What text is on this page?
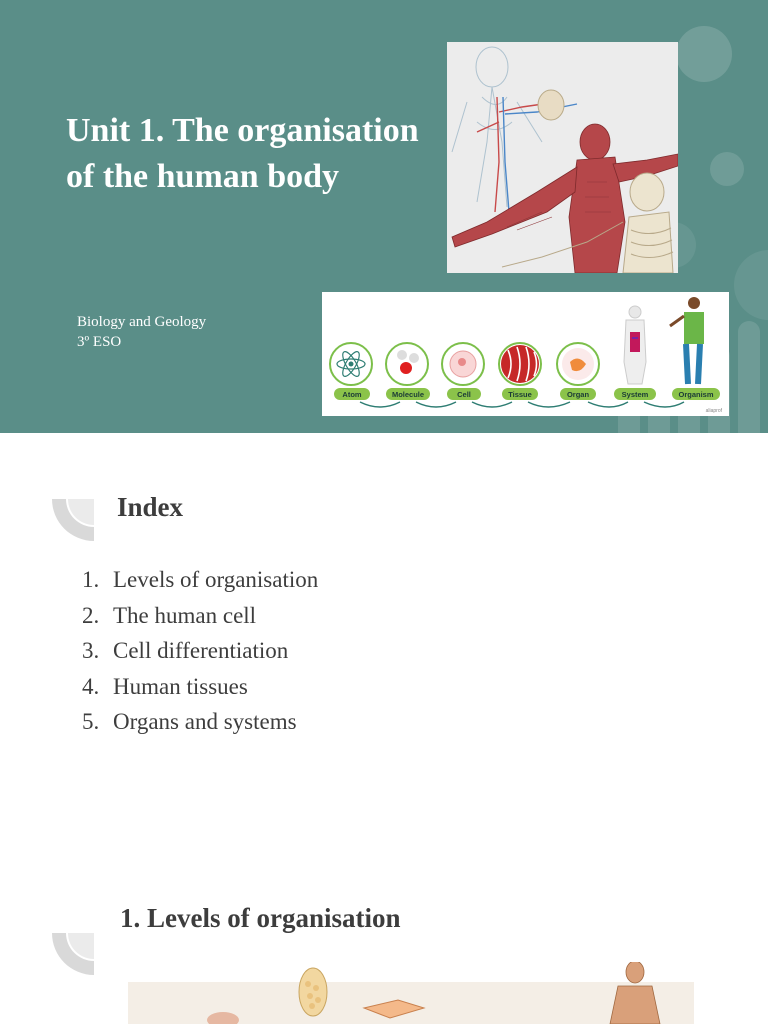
Unit 1. The organisation of the human body
Biology and Geology
3º ESO
Atom	Molecule	Cell	Tissue	Organ	System	Organism
aliaprof
Index
1. Levels of organisation
2. The human cell
3. Cell differentiation
4. Human tissues
5. Organs and systems
1. Levels of organisation
